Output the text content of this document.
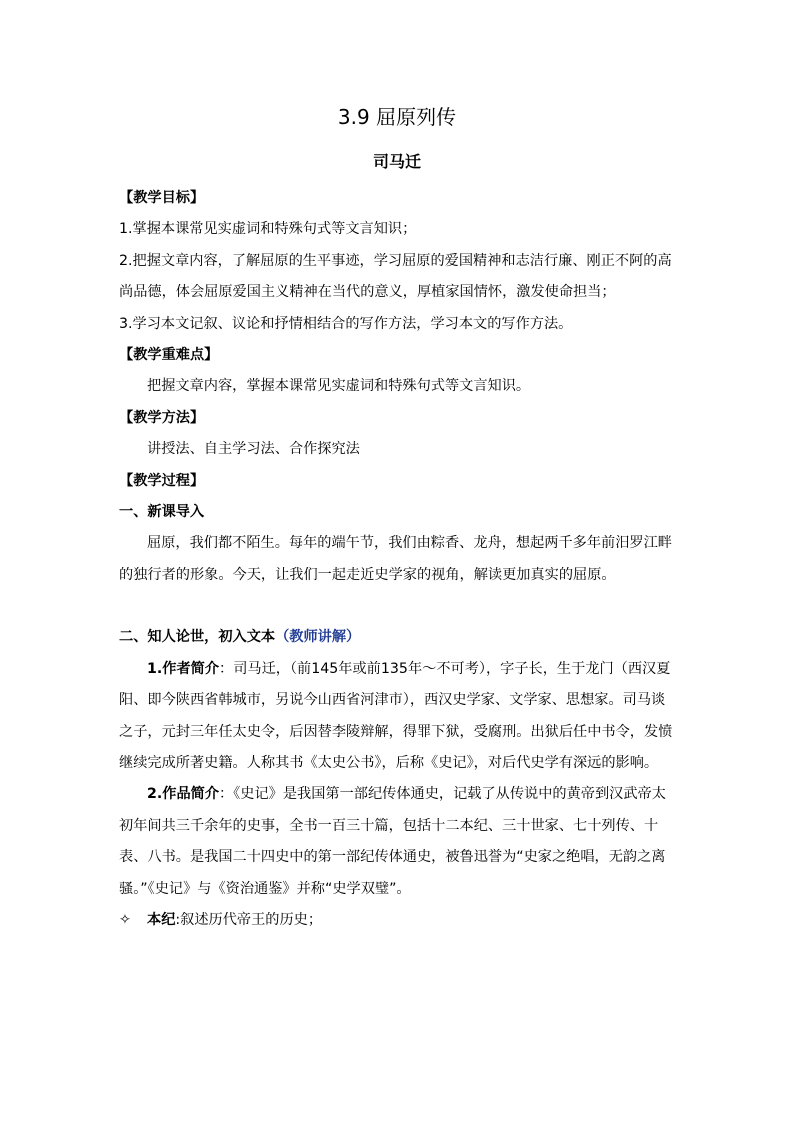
3.9 屈原列传
司马迁

【教学目标】

1.掌握本课常见实虚词和特殊句式等文言知识；

2.把握文章内容，了解屈原的生平事迹，学习屈原的爱国精神和志洁行廉、刚正不阿的高尚品德，体会屈原爱国主义精神在当代的意义，厚植家国情怀，激发使命担当；

3.学习本文记叙、议论和抒情相结合的写作方法，学习本文的写作方法。

【教学重难点】

把握文章内容，掌握本课常见实虚词和特殊句式等文言知识。

【教学方法】

讲授法、自主学习法、合作探究法

【教学过程】

一、新课导入

屈原，我们都不陌生。每年的端午节，我们由粽香、龙舟，想起两千多年前汨罗江畔的独行者的形象。今天，让我们一起走近史学家的视角，解读更加真实的屈原。

二、知人论世，初入文本（教师讲解）

1.作者简介：司马迁，（前145年或前135年～不可考），字子长，生于龙门（西汉夏阳、即今陕西省韩城市，另说今山西省河津市），西汉史学家、文学家、思想家。司马谈之子，元封三年任太史令，后因替李陵辩解，得罪下狱，受腐刑。出狱后任中书令，发愤继续完成所著史籍。人称其书《太史公书》，后称《史记》，对后代史学有深远的影响。

2.作品简介：《史记》是我国第一部纪传体通史，记载了从传说中的黄帝到汉武帝太初年间共三千余年的史事，全书一百三十篇，包括十二本纪、三十世家、七十列传、十表、八书。是我国二十四史中的第一部纪传体通史，被鲁迅誉为“史家之绝唱，无韵之离骚。”《史记》与《资治通鉴》并称“史学双璧”。

✧ 本纪:叙述历代帝王的历史；
